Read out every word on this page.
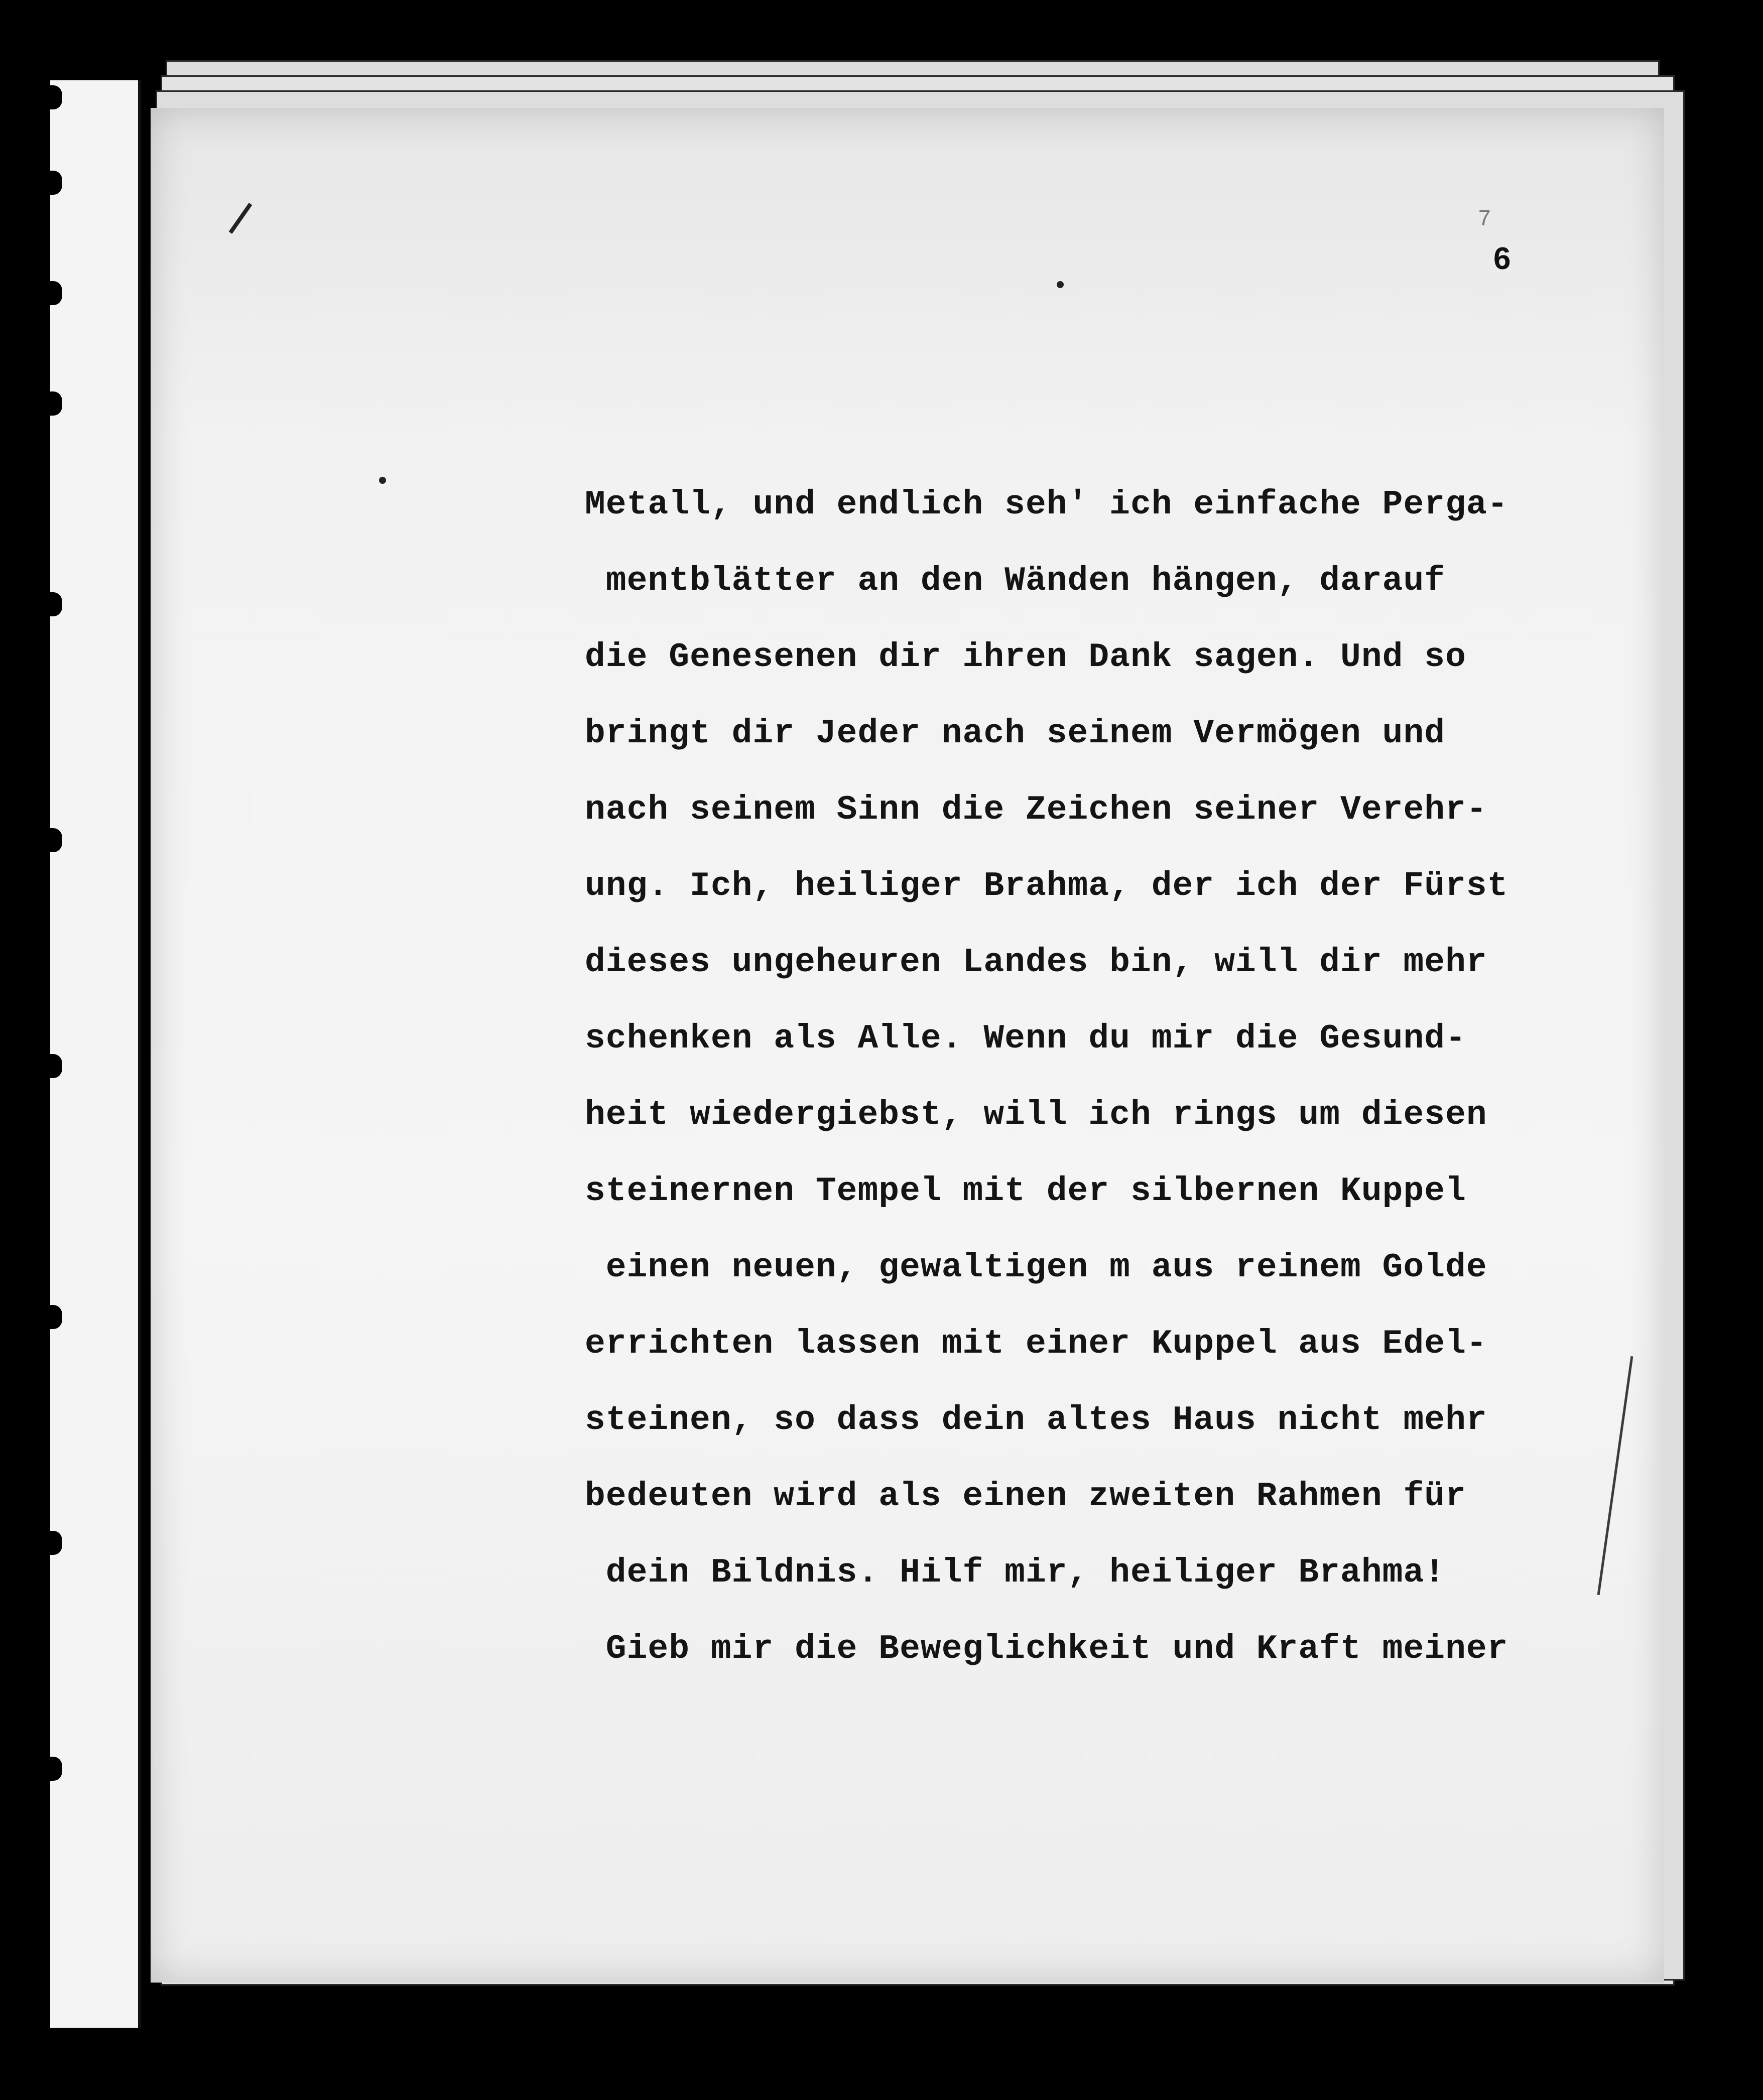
7
6
Metall, und endlich seh' ich einfache Perga-
mentblätter an den Wänden hängen, darauf
die Genesenen dir ihren Dank sagen. Und so
bringt dir Jeder nach seinem Vermögen und
nach seinem Sinn die Zeichen seiner Verehr-
ung. Ich, heiliger Brahma, der ich der Fürst
dieses ungeheuren Landes bin, will dir mehr
schenken als Alle. Wenn du mir die Gesund-
heit wiedergiebst, will ich rings um diesen
steinernen Tempel mit der silbernen Kuppel
einen neuen, gewaltigen m aus reinem Golde
errichten lassen mit einer Kuppel aus Edel-
steinen, so dass dein altes Haus nicht mehr
bedeuten wird als einen zweiten Rahmen für
dein Bildnis. Hilf mir, heiliger Brahma!
Gieb mir die Beweglichkeit und Kraft meiner
